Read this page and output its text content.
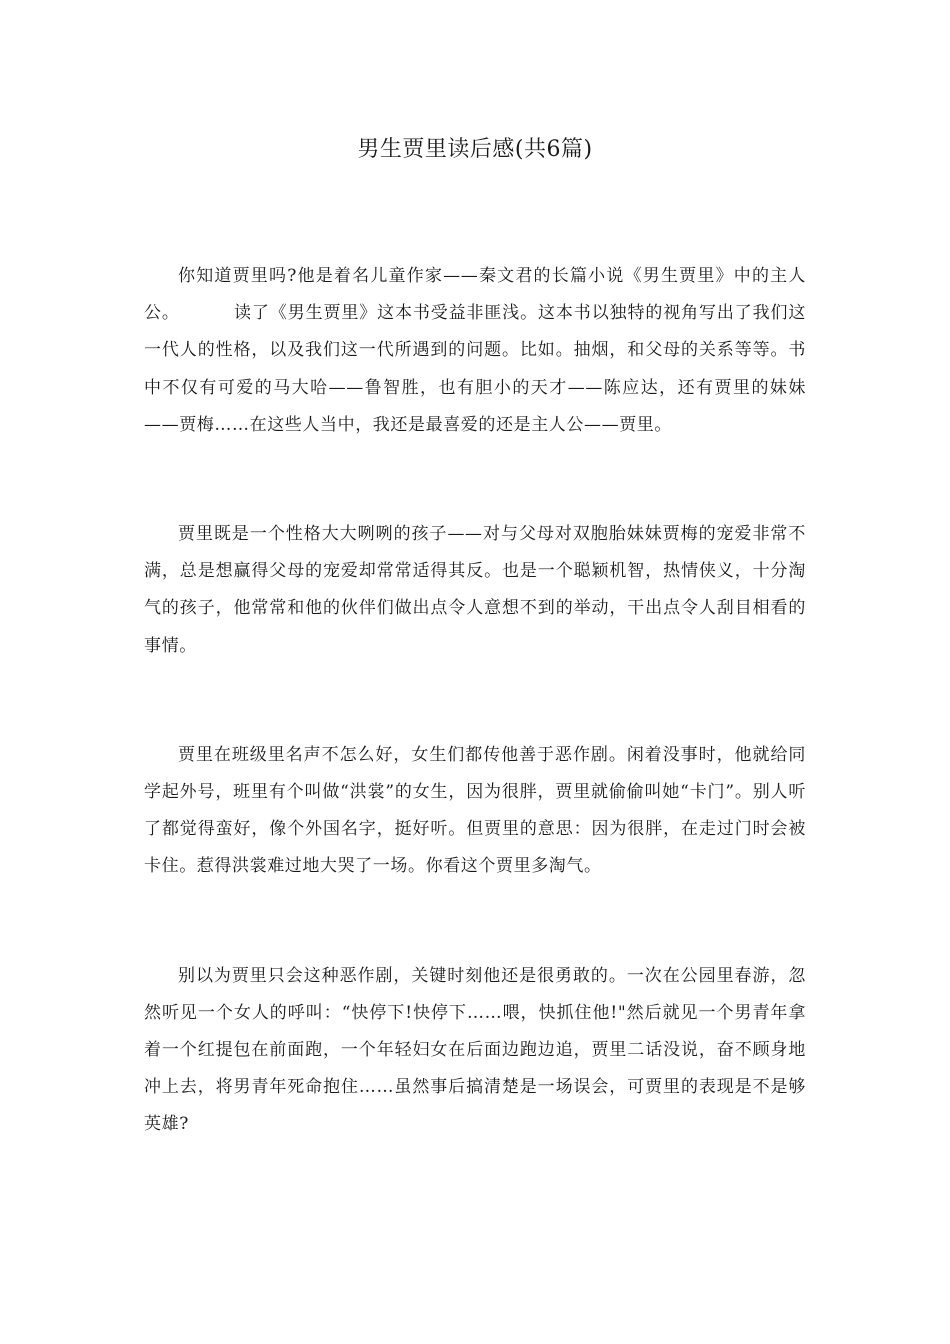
男生贾里读后感(共6篇)

你知道贾里吗?他是着名儿童作家——秦文君的长篇小说《男生贾里》中的主人公。	读了《男生贾里》这本书受益非匪浅。这本书以独特的视角写出了我们这一代人的性格，以及我们这一代所遇到的问题。比如。抽烟，和父母的关系等等。书中不仅有可爱的马大哈——鲁智胜，也有胆小的天才——陈应达，还有贾里的妹妹——贾梅……在这些人当中，我还是最喜爱的还是主人公——贾里。

贾里既是一个性格大大咧咧的孩子——对与父母对双胞胎妹妹贾梅的宠爱非常不满，总是想赢得父母的宠爱却常常适得其反。也是一个聪颖机智，热情侠义，十分淘气的孩子，他常常和他的伙伴们做出点令人意想不到的举动，干出点令人刮目相看的事情。

贾里在班级里名声不怎么好，女生们都传他善于恶作剧。闲着没事时，他就给同学起外号，班里有个叫做“洪裳”的女生，因为很胖，贾里就偷偷叫她“卡门”。别人听了都觉得蛮好，像个外国名字，挺好听。但贾里的意思：因为很胖，在走过门时会被卡住。惹得洪裳难过地大哭了一场。你看这个贾里多淘气。

别以为贾里只会这种恶作剧，关键时刻他还是很勇敢的。一次在公园里春游，忽然听见一个女人的呼叫：“快停下!快停下……喂，快抓住他!"然后就见一个男青年拿着一个红提包在前面跑，一个年轻妇女在后面边跑边追，贾里二话没说，奋不顾身地冲上去，将男青年死命抱住……虽然事后搞清楚是一场误会，可贾里的表现是不是够英雄?
